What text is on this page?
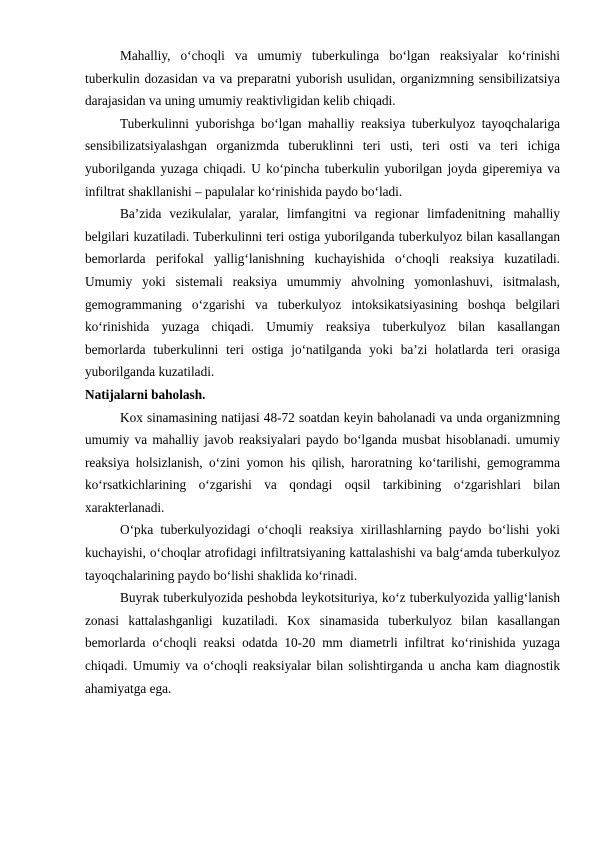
Mahalliy, o‘choqli va umumiy tuberkulinga bo‘lgan reaksiyalar ko‘rinishi tuberkulin dozasidan va va preparatni yuborish usulidan, organizmning sensibilizatsiya darajasidan va uning umumiy reaktivligidan kelib chiqadi.

Tuberkulinni yuborishga bo‘lgan mahalliy reaksiya tuberkulyoz tayoqchalariga sensibilizatsiyalashgan organizmda tuberuklinni teri usti, teri osti va teri ichiga yuborilganda yuzaga chiqadi. U ko‘pincha tuberkulin yuborilgan joyda giperemiya va infiltrat shakllanishi – papulalar ko‘rinishida paydo bo‘ladi.

Ba’zida vezikulalar, yaralar, limfangitni va regionar limfadenitning mahalliy belgilari kuzatiladi. Tuberkulinni teri ostiga yuborilganda tuberkulyoz bilan kasallangan bemorlarda perifokal yallig‘lanishning kuchayishida o‘choqli reaksiya kuzatiladi. Umumiy yoki sistemali reaksiya umummiy ahvolning yomonlashuvi, isitmalash, gemogrammaning o‘zgarishi va tuberkulyoz intoksikatsiyasining boshqa belgilari ko‘rinishida yuzaga chiqadi. Umumiy reaksiya tuberkulyoz bilan kasallangan bemorlarda tuberkulinni teri ostiga jo‘natilganda yoki ba’zi holatlarda teri orasiga yuborilganda kuzatiladi.

Natijalarni baholash.

Kox sinamasining natijasi 48-72 soatdan keyin baholanadi va unda organizmning umumiy va mahalliy javob reaksiyalari paydo bo‘lganda musbat hisoblanadi. umumiy reaksiya holsizlanish, o‘zini yomon his qilish, haroratning ko‘tarilishi, gemogramma ko‘rsatkichlarining o‘zgarishi va qondagi oqsil tarkibining o‘zgarishlari bilan xarakterlanadi.

O‘pka tuberkulyozidagi o‘choqli reaksiya xirillashlarning paydo bo‘lishi yoki kuchayishi, o‘choqlar atrofidagi infiltratsiyaning kattalashishi va balg‘amda tuberkulyoz tayoqchalarining paydo bo‘lishi shaklida ko‘rinadi.

Buyrak tuberkulyozida peshobda leykotsituriya, ko‘z tuberkulyozida yallig‘lanish zonasi kattalashganligi kuzatiladi. Kox sinamasida tuberkulyoz bilan kasallangan bemorlarda o‘choqli reaksi odatda 10-20 mm diametrli infiltrat ko‘rinishida yuzaga chiqadi. Umumiy va o‘choqli reaksiyalar bilan solishtirganda u ancha kam diagnostik ahamiyatga ega.
